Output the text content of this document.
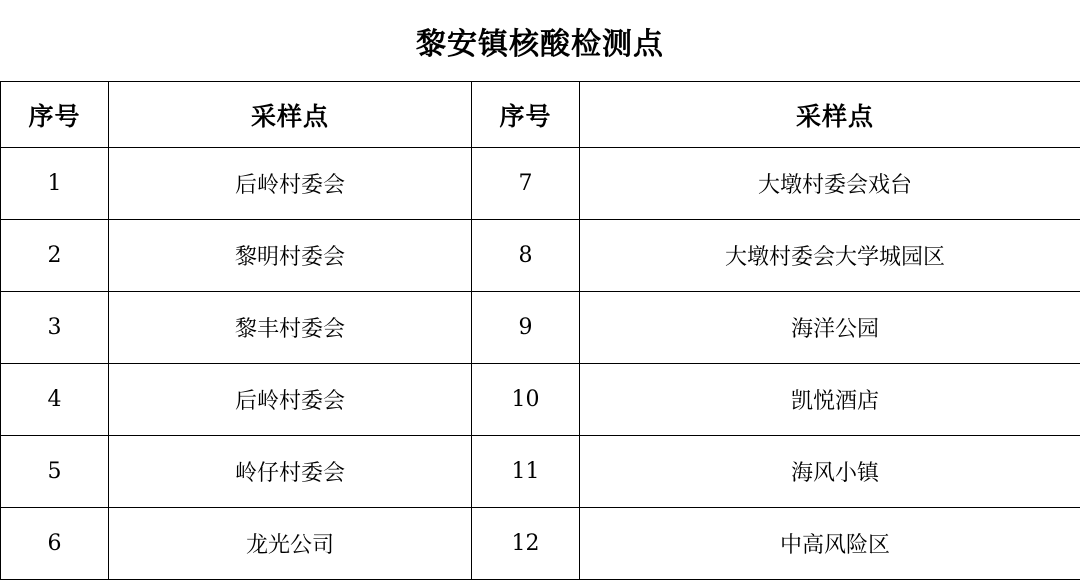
黎安镇核酸检测点
序号	采样点	序号	采样点
1	后岭村委会	7	大墩村委会戏台
2	黎明村委会	8	大墩村委会大学城园区
3	黎丰村委会	9	海洋公园
4	后岭村委会	10	凯悦酒店
5	岭仔村委会	11	海风小镇
6	龙光公司	12	中高风险区
